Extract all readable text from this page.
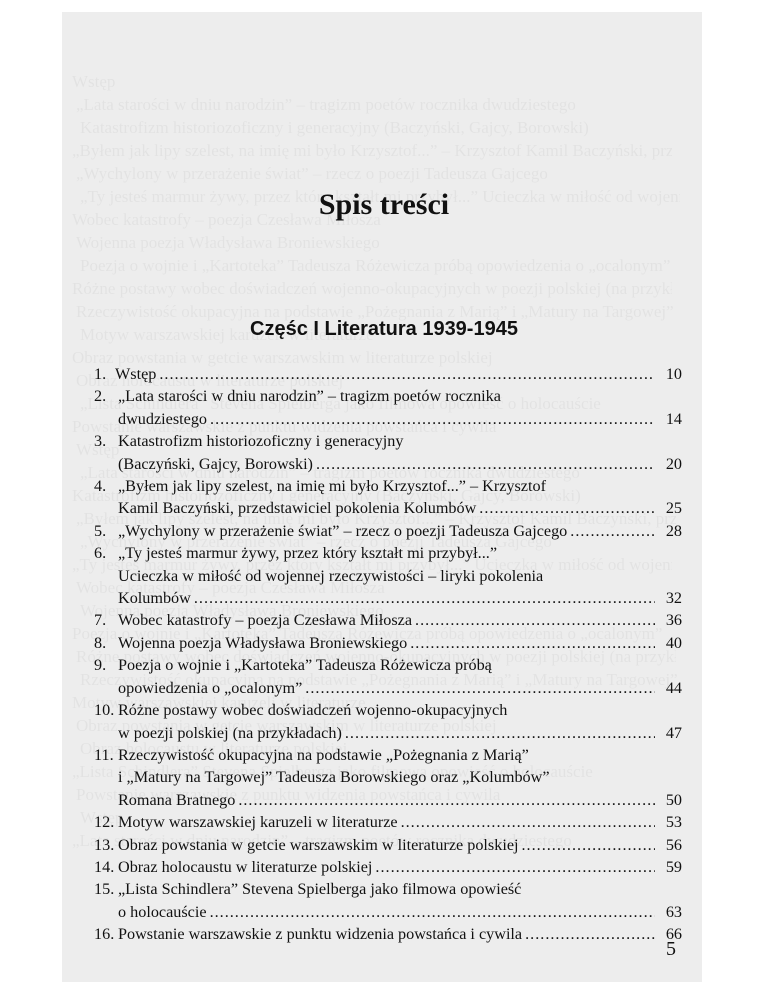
Spis treści
Częśc I Literatura 1939-1945
1. Wstęp .....	10
2. „Lata starości w dniu narodzin” – tragizm poetów rocznika
dwudziestego .....	14
3. Katastrofizm historiozoficzny i generacyjny
(Baczyński, Gajcy, Borowski) .....	20
4. „Byłem jak lipy szelest, na imię mi było Krzysztof...” – Krzysztof
Kamil Baczyński, przedstawiciel pokolenia Kolumbów .....	25
5. „Wychylony w przerażenie świat” – rzecz o poezji Tadeusza Gajcego .....	28
6. „Ty jesteś marmur żywy, przez który kształt mi przybył...”
Ucieczka w miłość od wojennej rzeczywistości – liryki pokolenia
Kolumbów .....	32
7. Wobec katastrofy – poezja Czesława Miłosza .....	36
8. Wojenna poezja Władysława Broniewskiego .....	40
9. Poezja o wojnie i „Kartoteka” Tadeusza Różewicza próbą
opowiedzenia o „ocalonym” .....	44
10. Różne postawy wobec doświadczeń wojenno-okupacyjnych
w poezji polskiej (na przykładach) .....	47
11. Rzeczywistość okupacyjna na podstawie „Pożegnania z Marią”
i „Matury na Targowej” Tadeusza Borowskiego oraz „Kolumbów”
Romana Bratnego .....	50
12. Motyw warszawskiej karuzeli w literaturze .....	53
13. Obraz powstania w getcie warszawskim w literaturze polskiej .....	56
14. Obraz holocaustu w literaturze polskiej .....	59
15. „Lista Schindlera” Stevena Spielberga jako filmowa opowieść
o holocauście .....	63
16. Powstanie warszawskie z punktu widzenia powstańca i cywila .....	66
5
